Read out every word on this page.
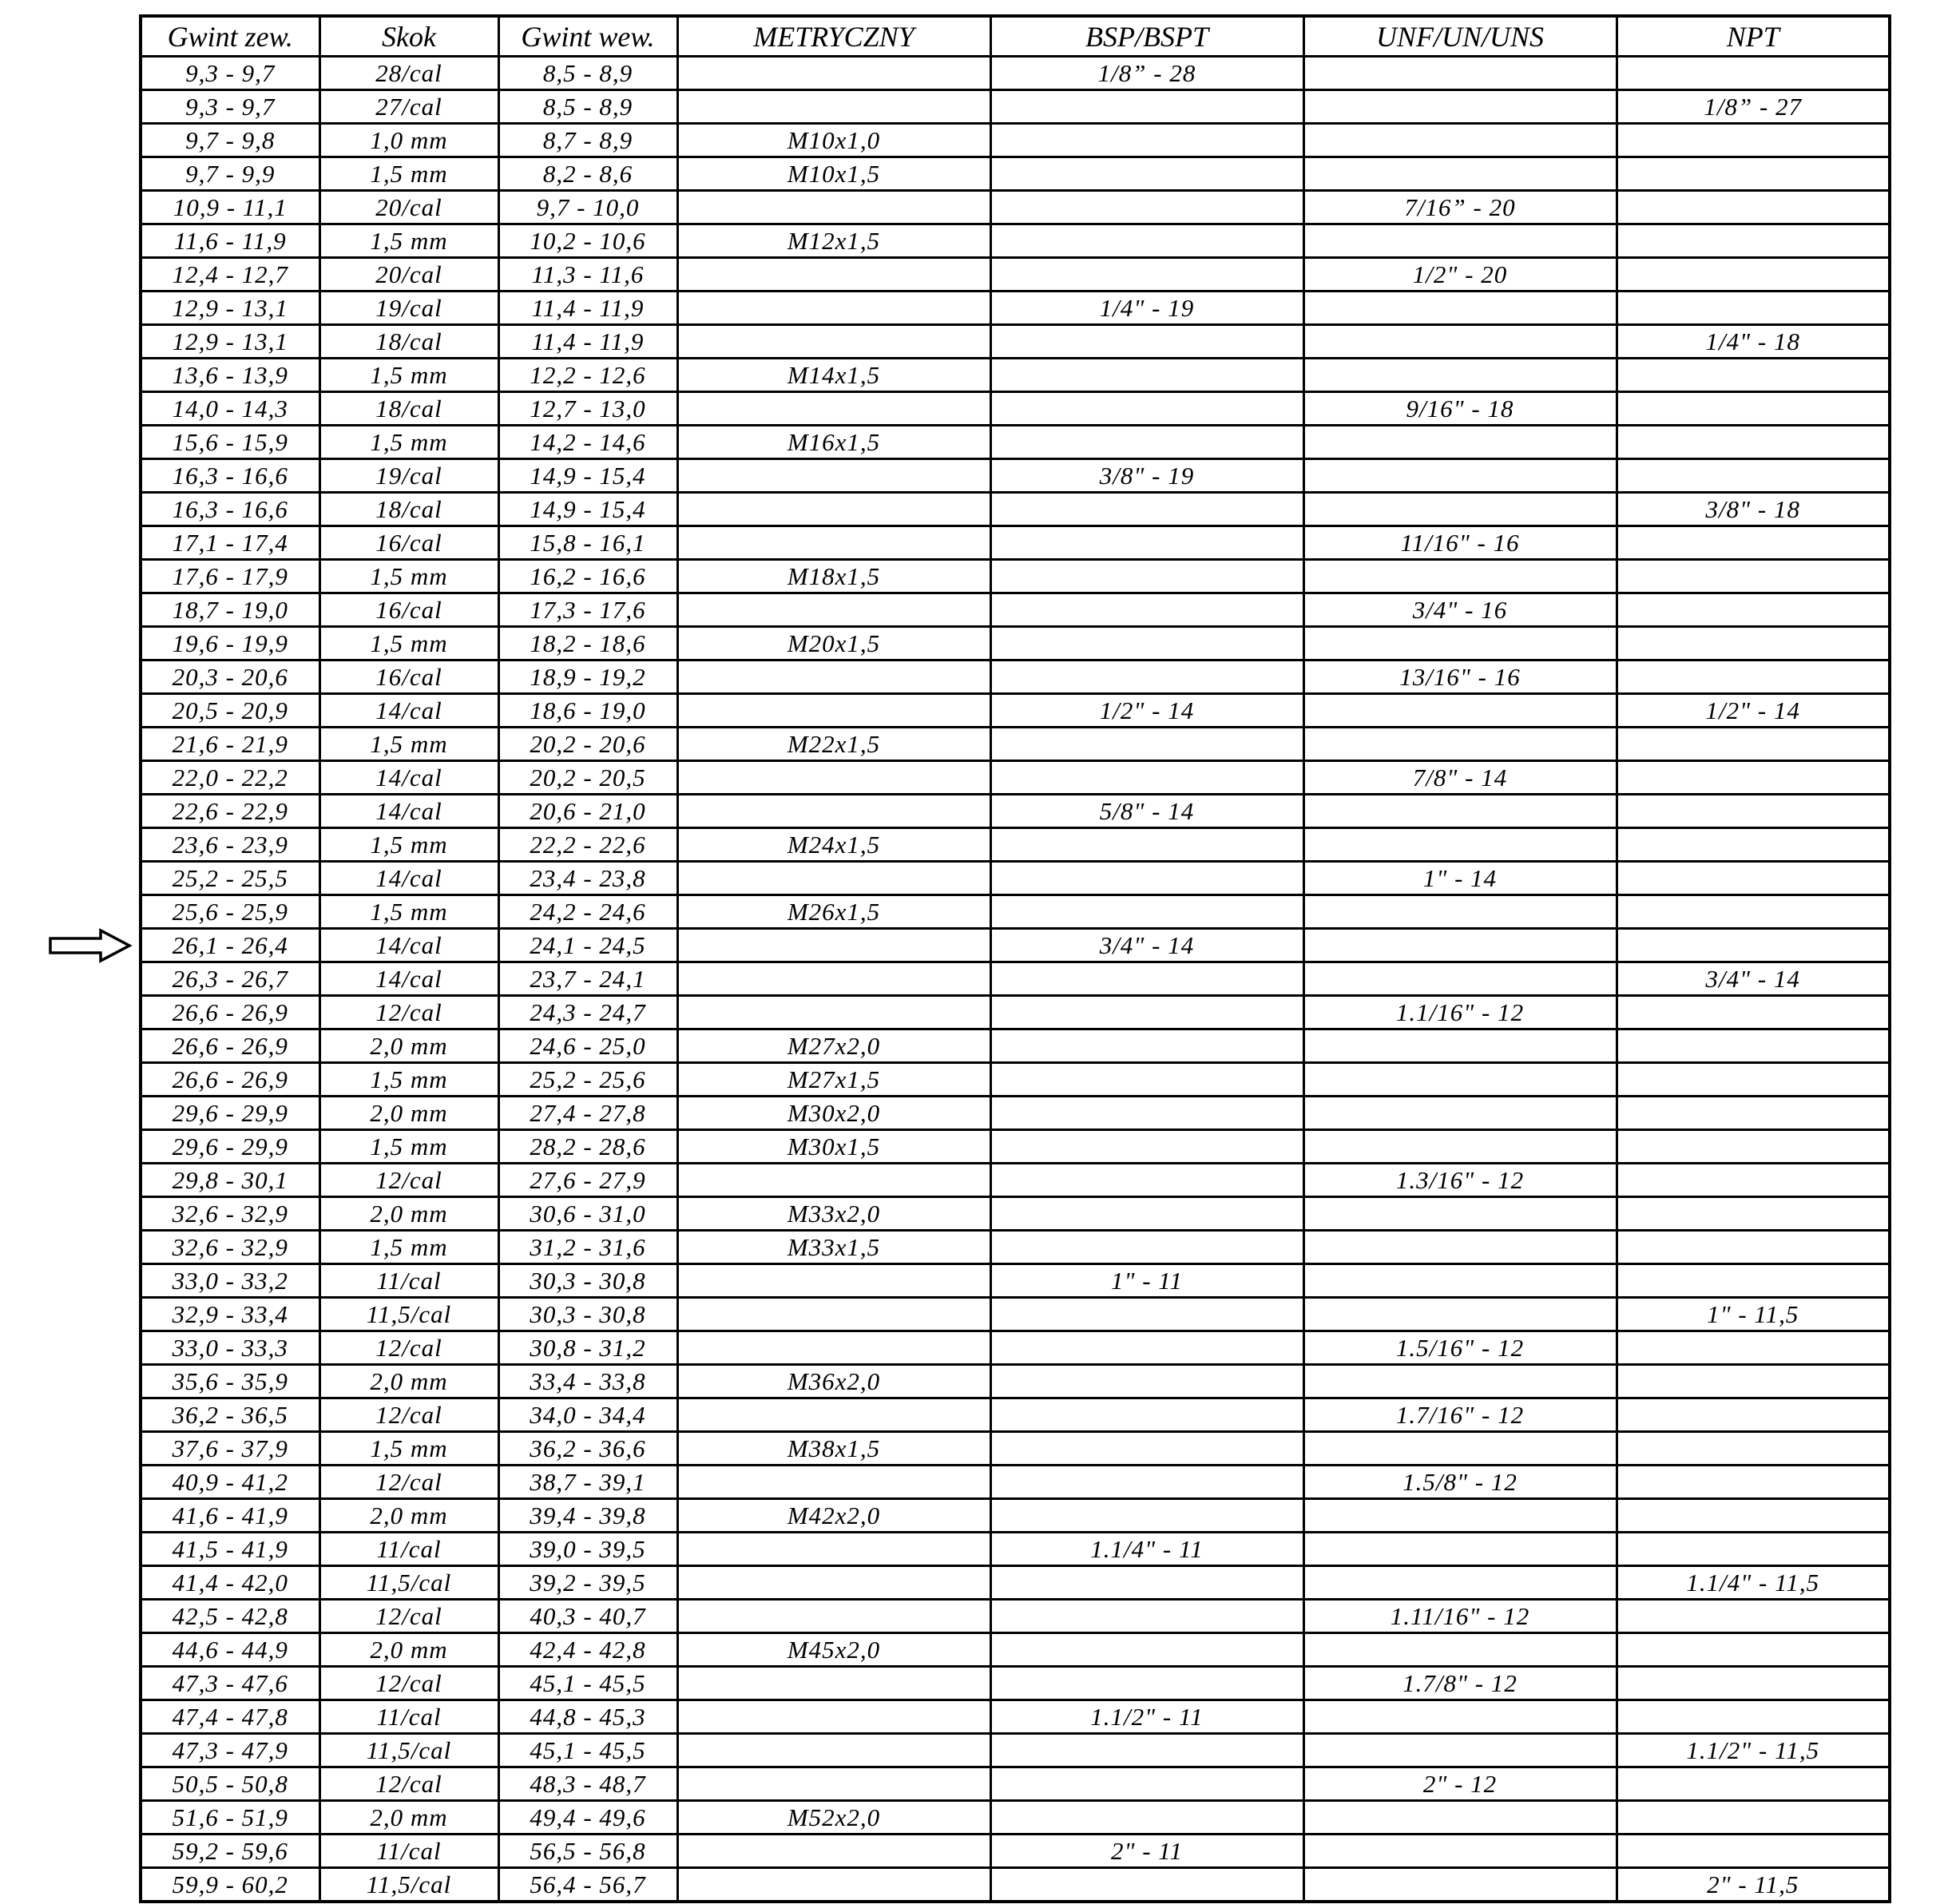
Gwint zew.	Skok	Gwint wew.	METRYCZNY	BSP/BSPT	UNF/UN/UNS	NPT
9,3 - 9,7	28/cal	8,5 - 8,9		1/8” - 28		
9,3 - 9,7	27/cal	8,5 - 8,9				1/8” - 27
9,7 - 9,8	1,0 mm	8,7 - 8,9	M10x1,0			
9,7 - 9,9	1,5 mm	8,2 - 8,6	M10x1,5			
10,9 - 11,1	20/cal	9,7 - 10,0			7/16” - 20	
11,6 - 11,9	1,5 mm	10,2 - 10,6	M12x1,5			
12,4 - 12,7	20/cal	11,3 - 11,6			1/2" - 20	
12,9 - 13,1	19/cal	11,4 - 11,9		1/4" - 19		
12,9 - 13,1	18/cal	11,4 - 11,9				1/4" - 18
13,6 - 13,9	1,5 mm	12,2 - 12,6	M14x1,5			
14,0 - 14,3	18/cal	12,7 - 13,0			9/16" - 18	
15,6 - 15,9	1,5 mm	14,2 - 14,6	M16x1,5			
16,3 - 16,6	19/cal	14,9 - 15,4		3/8" - 19		
16,3 - 16,6	18/cal	14,9 - 15,4				3/8" - 18
17,1 - 17,4	16/cal	15,8 - 16,1			11/16" - 16	
17,6 - 17,9	1,5 mm	16,2 - 16,6	M18x1,5			
18,7 - 19,0	16/cal	17,3 - 17,6			3/4" - 16	
19,6 - 19,9	1,5 mm	18,2 - 18,6	M20x1,5			
20,3 - 20,6	16/cal	18,9 - 19,2			13/16" - 16	
20,5 - 20,9	14/cal	18,6 - 19,0		1/2" - 14		1/2" - 14
21,6 - 21,9	1,5 mm	20,2 - 20,6	M22x1,5			
22,0 - 22,2	14/cal	20,2 - 20,5			7/8" - 14	
22,6 - 22,9	14/cal	20,6 - 21,0		5/8" - 14		
23,6 - 23,9	1,5 mm	22,2 - 22,6	M24x1,5			
25,2 - 25,5	14/cal	23,4 - 23,8			1" - 14	
25,6 - 25,9	1,5 mm	24,2 - 24,6	M26x1,5			
26,1 - 26,4	14/cal	24,1 - 24,5		3/4" - 14		
26,3 - 26,7	14/cal	23,7 - 24,1				3/4" - 14
26,6 - 26,9	12/cal	24,3 - 24,7			1.1/16" - 12	
26,6 - 26,9	2,0 mm	24,6 - 25,0	M27x2,0			
26,6 - 26,9	1,5 mm	25,2 - 25,6	M27x1,5			
29,6 - 29,9	2,0 mm	27,4 - 27,8	M30x2,0			
29,6 - 29,9	1,5 mm	28,2 - 28,6	M30x1,5			
29,8 - 30,1	12/cal	27,6 - 27,9			1.3/16" - 12	
32,6 - 32,9	2,0 mm	30,6 - 31,0	M33x2,0			
32,6 - 32,9	1,5 mm	31,2 - 31,6	M33x1,5			
33,0 - 33,2	11/cal	30,3 - 30,8		1" - 11		
32,9 - 33,4	11,5/cal	30,3 - 30,8				1" - 11,5
33,0 - 33,3	12/cal	30,8 - 31,2			1.5/16" - 12	
35,6 - 35,9	2,0 mm	33,4 - 33,8	M36x2,0			
36,2 - 36,5	12/cal	34,0 - 34,4			1.7/16" - 12	
37,6 - 37,9	1,5 mm	36,2 - 36,6	M38x1,5			
40,9 - 41,2	12/cal	38,7 - 39,1			1.5/8" - 12	
41,6 - 41,9	2,0 mm	39,4 - 39,8	M42x2,0			
41,5 - 41,9	11/cal	39,0 - 39,5		1.1/4" - 11		
41,4 - 42,0	11,5/cal	39,2 - 39,5				1.1/4" - 11,5
42,5 - 42,8	12/cal	40,3 - 40,7			1.11/16" - 12	
44,6 - 44,9	2,0 mm	42,4 - 42,8	M45x2,0			
47,3 - 47,6	12/cal	45,1 - 45,5			1.7/8" - 12	
47,4 - 47,8	11/cal	44,8 - 45,3		1.1/2" - 11		
47,3 - 47,9	11,5/cal	45,1 - 45,5				1.1/2" - 11,5
50,5 - 50,8	12/cal	48,3 - 48,7			2" - 12	
51,6 - 51,9	2,0 mm	49,4 - 49,6	M52x2,0			
59,2 - 59,6	11/cal	56,5 - 56,8		2" - 11		
59,9 - 60,2	11,5/cal	56,4 - 56,7				2" - 11,5
